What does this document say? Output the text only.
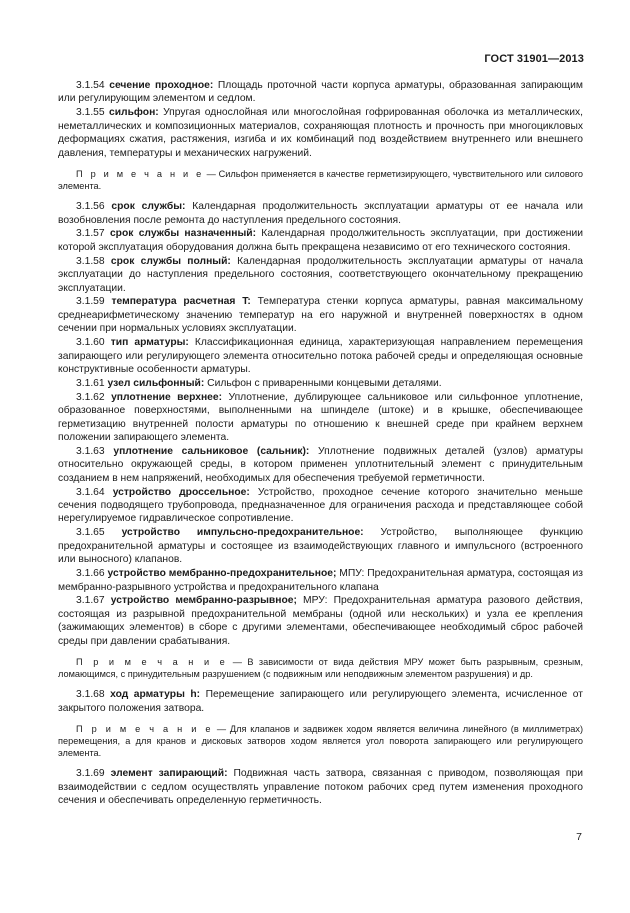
ГОСТ 31901—2013

3.1.54 сечение проходное: Площадь проточной части корпуса арматуры, образованная запирающим или регулирующим элементом и седлом.

3.1.55 сильфон: Упругая однослойная или многослойная гофрированная оболочка из металлических, неметаллических и композиционных материалов, сохраняющая плотность и прочность при многоцикловых деформациях сжатия, растяжения, изгиба и их комбинаций под воздействием внутреннего или внешнего давления, температуры и механических нагружений.

П р и м е ч а н и е — Сильфон применяется в качестве герметизирующего, чувствительного или силового элемента.

3.1.56 срок службы: Календарная продолжительность эксплуатации арматуры от ее начала или возобновления после ремонта до наступления предельного состояния.

3.1.57 срок службы назначенный: Календарная продолжительность эксплуатации, при достижении которой эксплуатация оборудования должна быть прекращена независимо от его технического состояния.

3.1.58 срок службы полный: Календарная продолжительность эксплуатации арматуры от начала эксплуатации до наступления предельного состояния, соответствующего окончательному прекращению эксплуатации.

3.1.59 температура расчетная T: Температура стенки корпуса арматуры, равная максимальному среднеарифметическому значению температур на его наружной и внутренней поверхностях в одном сечении при нормальных условиях эксплуатации.

3.1.60 тип арматуры: Классификационная единица, характеризующая направлением перемещения запирающего или регулирующего элемента относительно потока рабочей среды и определяющая основные конструктивные особенности арматуры.

3.1.61 узел сильфонный: Сильфон с приваренными концевыми деталями.

3.1.62 уплотнение верхнее: Уплотнение, дублирующее сальниковое или сильфонное уплотнение, образованное поверхностями, выполненными на шпинделе (штоке) и в крышке, обеспечивающее герметизацию внутренней полости арматуры по отношению к внешней среде при крайнем верхнем положении запирающего элемента.

3.1.63 уплотнение сальниковое (сальник): Уплотнение подвижных деталей (узлов) арматуры относительно окружающей среды, в котором применен уплотнительный элемент с принудительным созданием в нем напряжений, необходимых для обеспечения требуемой герметичности.

3.1.64 устройство дроссельное: Устройство, проходное сечение которого значительно меньше сечения подводящего трубопровода, предназначенное для ограничения расхода и представляющее собой нерегулируемое гидравлическое сопротивление.

3.1.65 устройство импульсно-предохранительное: Устройство, выполняющее функцию предохранительной арматуры и состоящее из взаимодействующих главного и импульсного (встроенного или выносного) клапанов.

3.1.66 устройство мембранно-предохранительное; МПУ: Предохранительная арматура, состоящая из мембранно-разрывного устройства и предохранительного клапана

3.1.67 устройство мембранно-разрывное; МРУ: Предохранительная арматура разового действия, состоящая из разрывной предохранительной мембраны (одной или нескольких) и узла ее крепления (зажимающих элементов) в сборе с другими элементами, обеспечивающее необходимый сброс рабочей среды при давлении срабатывания.

П р и м е ч а н и е — В зависимости от вида действия МРУ может быть разрывным, срезным, ломающимся, с принудительным разрушением (с подвижным или неподвижным элементом разрушения) и др.

3.1.68 ход арматуры h: Перемещение запирающего или регулирующего элемента, исчисленное от закрытого положения затвора.

П р и м е ч а н и е — Для клапанов и задвижек ходом является величина линейного (в миллиметрах) перемещения, а для кранов и дисковых затворов ходом является угол поворота запирающего или регулирующего элемента.

3.1.69 элемент запирающий: Подвижная часть затвора, связанная с приводом, позволяющая при взаимодействии с седлом осуществлять управление потоком рабочих сред путем изменения проходного сечения и обеспечивать определенную герметичность.

7
